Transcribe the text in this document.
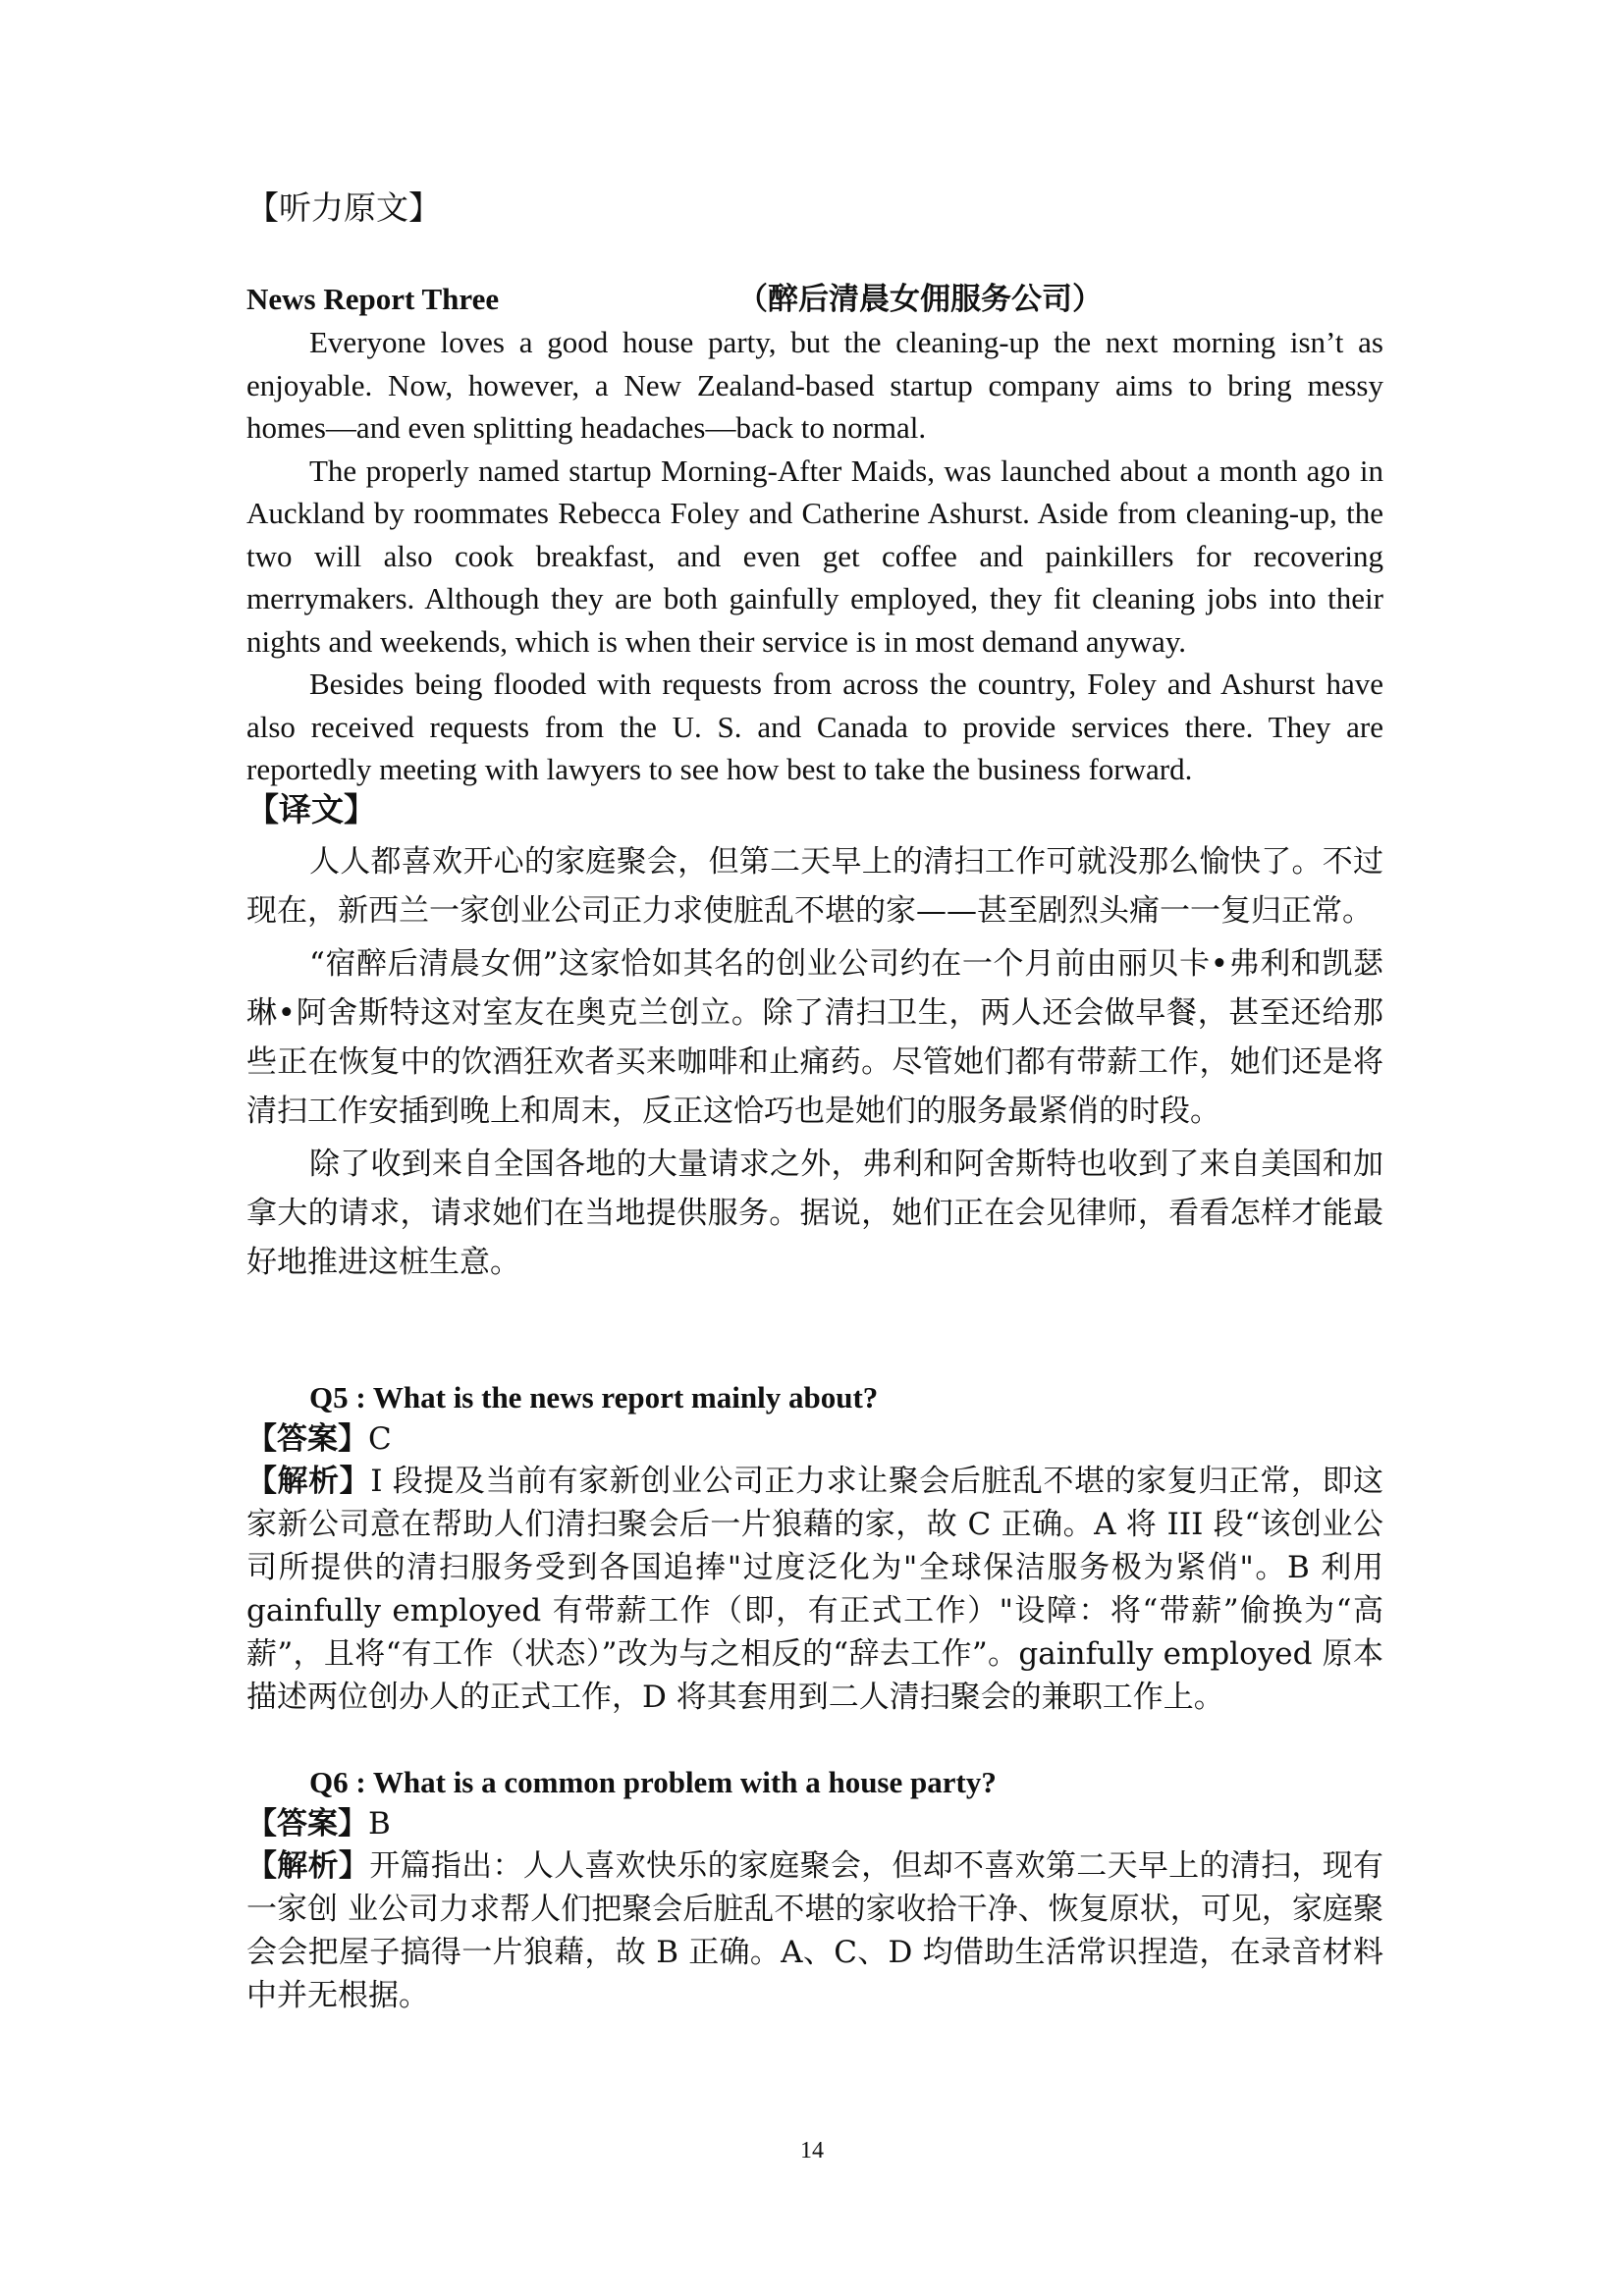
【听力原文】
News Report Three	（醉后清晨女佣服务公司）

Everyone loves a good house party, but the cleaning-up the next morning isn’t as enjoyable. Now, however, a New Zealand-based startup company aims to bring messy homes—and even splitting headaches—back to normal.

The properly named startup Morning-After Maids, was launched about a month ago in Auckland by roommates Rebecca Foley and Catherine Ashurst. Aside from cleaning-up, the two will also cook breakfast, and even get coffee and painkillers for recovering merrymakers. Although they are both gainfully employed, they fit cleaning jobs into their nights and weekends, which is when their service is in most demand anyway.

Besides being flooded with requests from across the country, Foley and Ashurst have also received requests from the U. S. and Canada to provide services there. They are reportedly meeting with lawyers to see how best to take the business forward.

【译文】

人人都喜欢开心的家庭聚会，但第二天早上的清扫工作可就没那么愉快了。不过现在，新西兰一家创业公司正力求使脏乱不堪的家——甚至剧烈头痛一一复归正常。

“宿醉后清晨女佣”这家恰如其名的创业公司约在一个月前由丽贝卡•弗利和凯瑟琳•阿舍斯特这对室友在奥克兰创立。除了清扫卫生，两人还会做早餐，甚至还给那些正在恢复中的饮酒狂欢者买来咖啡和止痛药。尽管她们都有带薪工作，她们还是将清扫工作安插到晚上和周末，反正这恰巧也是她们的服务最紧俏的时段。

除了收到来自全国各地的大量请求之外，弗利和阿舍斯特也收到了来自美国和加拿大的请求，请求她们在当地提供服务。据说，她们正在会见律师，看看怎样才能最好地推进这桩生意。

Q5 : What is the news report mainly about?
【答案】C

【解析】I 段提及当前有家新创业公司正力求让聚会后脏乱不堪的家复归正常，即这家新公司意在帮助人们清扫聚会后一片狼藉的家，故 C 正确。A 将 III 段“该创业公司所提供的清扫服务受到各国追捧"过度泛化为"全球保洁服务极为紧俏"。B 利用 gainfully employed 有带薪工作（即，有正式工作）"设障：将“带薪”偷换为“高薪”，且将“有工作（状态）”改为与之相反的“辞去工作”。gainfully employed 原本描述两位创办人的正式工作，D 将其套用到二人清扫聚会的兼职工作上。

Q6 : What is a common problem with a house party?
【答案】B

【解析】开篇指出：人人喜欢快乐的家庭聚会，但却不喜欢第二天早上的清扫，现有一家创 业公司力求帮人们把聚会后脏乱不堪的家收拾干净、恢复原状，可见，家庭聚会会把屋子搞得一片狼藉，故 B 正确。A、C、D 均借助生活常识捏造，在录音材料中并无根据。

14
